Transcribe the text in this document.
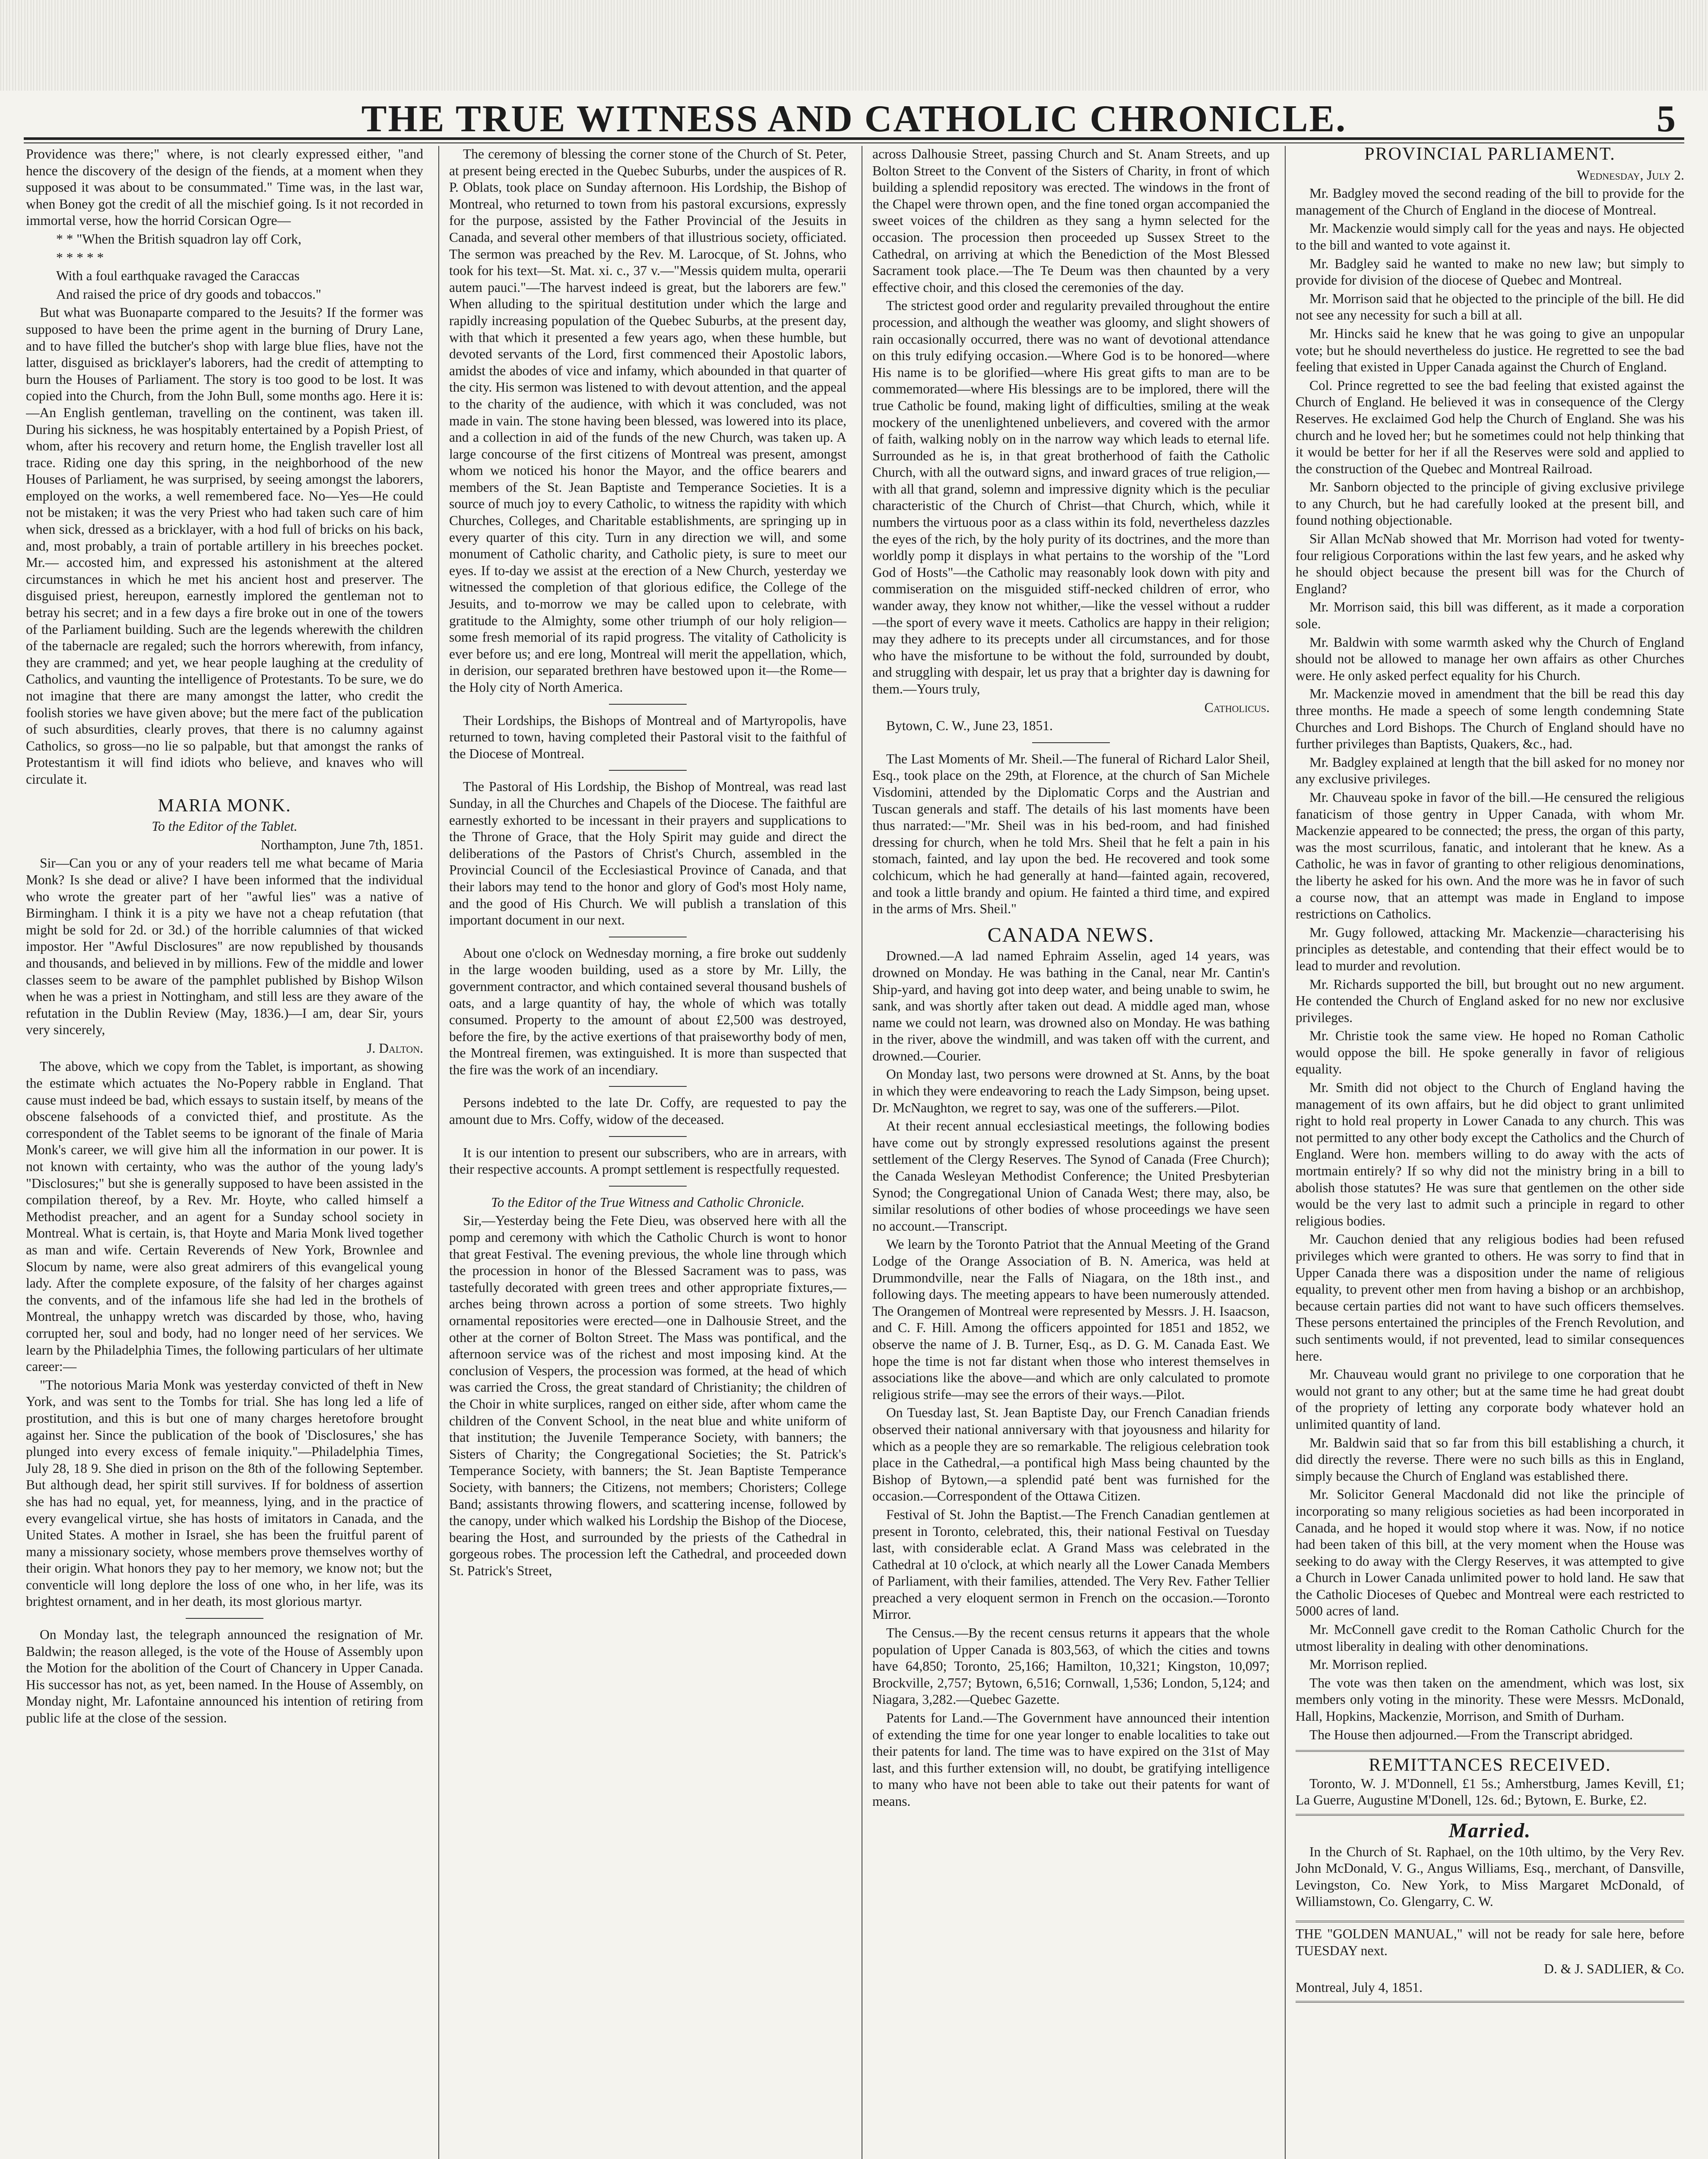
THE TRUE WITNESS AND CATHOLIC CHRONICLE.	5

Providence was there;" where, is not clearly expressed either, "and hence the discovery of the design of the fiends, at a moment when they supposed it was about to be consummated." Time was, in the last war, when Boney got the credit of all the mischief going. Is it not recorded in immortal verse, how the horrid Corsican Ogre—

* * "When the British squadron lay off Cork,

* * * * *

With a foul earthquake ravaged the Caraccas

And raised the price of dry goods and tobaccos."

But what was Buonaparte compared to the Jesuits? If the former was supposed to have been the prime agent in the burning of Drury Lane, and to have filled the butcher's shop with large blue flies, have not the latter, disguised as bricklayer's laborers, had the credit of attempting to burn the Houses of Parliament. The story is too good to be lost. It was copied into the Church, from the John Bull, some months ago. Here it is:—An English gentleman, travelling on the continent, was taken ill. During his sickness, he was hospitably entertained by a Popish Priest, of whom, after his recovery and return home, the English traveller lost all trace. Riding one day this spring, in the neighborhood of the new Houses of Parliament, he was surprised, by seeing amongst the laborers, employed on the works, a well remembered face. No—Yes—He could not be mistaken; it was the very Priest who had taken such care of him when sick, dressed as a bricklayer, with a hod full of bricks on his back, and, most probably, a train of portable artillery in his breeches pocket. Mr.— accosted him, and expressed his astonishment at the altered circumstances in which he met his ancient host and preserver. The disguised priest, hereupon, earnestly implored the gentleman not to betray his secret; and in a few days a fire broke out in one of the towers of the Parliament building. Such are the legends wherewith the children of the tabernacle are regaled; such the horrors wherewith, from infancy, they are crammed; and yet, we hear people laughing at the credulity of Catholics, and vaunting the intelligence of Protestants. To be sure, we do not imagine that there are many amongst the latter, who credit the foolish stories we have given above; but the mere fact of the publication of such absurdities, clearly proves, that there is no calumny against Catholics, so gross—no lie so palpable, but that amongst the ranks of Protestantism it will find idiots who believe, and knaves who will circulate it.

MARIA MONK.

To the Editor of the Tablet.

Northampton, June 7th, 1851.

Sir—Can you or any of your readers tell me what became of Maria Monk? Is she dead or alive? I have been informed that the individual who wrote the greater part of her "awful lies" was a native of Birmingham. I think it is a pity we have not a cheap refutation (that might be sold for 2d. or 3d.) of the horrible calumnies of that wicked impostor. Her "Awful Disclosures" are now republished by thousands and thousands, and believed in by millions. Few of the middle and lower classes seem to be aware of the pamphlet published by Bishop Wilson when he was a priest in Nottingham, and still less are they aware of the refutation in the Dublin Review (May, 1836.)—I am, dear Sir, yours very sincerely,

J. Dalton.

The above, which we copy from the Tablet, is important, as showing the estimate which actuates the No-Popery rabble in England. That cause must indeed be bad, which essays to sustain itself, by means of the obscene falsehoods of a convicted thief, and prostitute. As the correspondent of the Tablet seems to be ignorant of the finale of Maria Monk's career, we will give him all the information in our power. It is not known with certainty, who was the author of the young lady's "Disclosures;" but she is generally supposed to have been assisted in the compilation thereof, by a Rev. Mr. Hoyte, who called himself a Methodist preacher, and an agent for a Sunday school society in Montreal. What is certain, is, that Hoyte and Maria Monk lived together as man and wife. Certain Reverends of New York, Brownlee and Slocum by name, were also great admirers of this evangelical young lady. After the complete exposure, of the falsity of her charges against the convents, and of the infamous life she had led in the brothels of Montreal, the unhappy wretch was discarded by those, who, having corrupted her, soul and body, had no longer need of her services. We learn by the Philadelphia Times, the following particulars of her ultimate career:—

"The notorious Maria Monk was yesterday convicted of theft in New York, and was sent to the Tombs for trial. She has long led a life of prostitution, and this is but one of many charges heretofore brought against her. Since the publication of the book of 'Disclosures,' she has plunged into every excess of female iniquity."—Philadelphia Times, July 28, 18 9. She died in prison on the 8th of the following September. But although dead, her spirit still survives. If for boldness of assertion she has had no equal, yet, for meanness, lying, and in the practice of every evangelical virtue, she has hosts of imitators in Canada, and the United States. A mother in Israel, she has been the fruitful parent of many a missionary society, whose members prove themselves worthy of their origin. What honors they pay to her memory, we know not; but the conventicle will long deplore the loss of one who, in her life, was its brightest ornament, and in her death, its most glorious martyr.

On Monday last, the telegraph announced the resignation of Mr. Baldwin; the reason alleged, is the vote of the House of Assembly upon the Motion for the abolition of the Court of Chancery in Upper Canada. His successor has not, as yet, been named. In the House of Assembly, on Monday night, Mr. Lafontaine announced his intention of retiring from public life at the close of the session.

The ceremony of blessing the corner stone of the Church of St. Peter, at present being erected in the Quebec Suburbs, under the auspices of R. P. Oblats, took place on Sunday afternoon. His Lordship, the Bishop of Montreal, who returned to town from his pastoral excursions, expressly for the purpose, assisted by the Father Provincial of the Jesuits in Canada, and several other members of that illustrious society, officiated. The sermon was preached by the Rev. M. Larocque, of St. Johns, who took for his text—St. Mat. xi. c., 37 v.—"Messis quidem multa, operarii autem pauci."—The harvest indeed is great, but the laborers are few." When alluding to the spiritual destitution under which the large and rapidly increasing population of the Quebec Suburbs, at the present day, with that which it presented a few years ago, when these humble, but devoted servants of the Lord, first commenced their Apostolic labors, amidst the abodes of vice and infamy, which abounded in that quarter of the city. His sermon was listened to with devout attention, and the appeal to the charity of the audience, with which it was concluded, was not made in vain. The stone having been blessed, was lowered into its place, and a collection in aid of the funds of the new Church, was taken up. A large concourse of the first citizens of Montreal was present, amongst whom we noticed his honor the Mayor, and the office bearers and members of the St. Jean Baptiste and Temperance Societies. It is a source of much joy to every Catholic, to witness the rapidity with which Churches, Colleges, and Charitable establishments, are springing up in every quarter of this city. Turn in any direction we will, and some monument of Catholic charity, and Catholic piety, is sure to meet our eyes. If to-day we assist at the erection of a New Church, yesterday we witnessed the completion of that glorious edifice, the College of the Jesuits, and to-morrow we may be called upon to celebrate, with gratitude to the Almighty, some other triumph of our holy religion—some fresh memorial of its rapid progress. The vitality of Catholicity is ever before us; and ere long, Montreal will merit the appellation, which, in derision, our separated brethren have bestowed upon it—the Rome—the Holy city of North America.

Their Lordships, the Bishops of Montreal and of Martyropolis, have returned to town, having completed their Pastoral visit to the faithful of the Diocese of Montreal.

The Pastoral of His Lordship, the Bishop of Montreal, was read last Sunday, in all the Churches and Chapels of the Diocese. The faithful are earnestly exhorted to be incessant in their prayers and supplications to the Throne of Grace, that the Holy Spirit may guide and direct the deliberations of the Pastors of Christ's Church, assembled in the Provincial Council of the Ecclesiastical Province of Canada, and that their labors may tend to the honor and glory of God's most Holy name, and the good of His Church. We will publish a translation of this important document in our next.

About one o'clock on Wednesday morning, a fire broke out suddenly in the large wooden building, used as a store by Mr. Lilly, the government contractor, and which contained several thousand bushels of oats, and a large quantity of hay, the whole of which was totally consumed. Property to the amount of about £2,500 was destroyed, before the fire, by the active exertions of that praiseworthy body of men, the Montreal firemen, was extinguished. It is more than suspected that the fire was the work of an incendiary.

Persons indebted to the late Dr. Coffy, are requested to pay the amount due to Mrs. Coffy, widow of the deceased.

It is our intention to present our subscribers, who are in arrears, with their respective accounts. A prompt settlement is respectfully requested.

To the Editor of the True Witness and Catholic Chronicle.

Sir,—Yesterday being the Fete Dieu, was observed here with all the pomp and ceremony with which the Catholic Church is wont to honor that great Festival. The evening previous, the whole line through which the procession in honor of the Blessed Sacrament was to pass, was tastefully decorated with green trees and other appropriate fixtures,—arches being thrown across a portion of some streets. Two highly ornamental repositories were erected—one in Dalhousie Street, and the other at the corner of Bolton Street. The Mass was pontifical, and the afternoon service was of the richest and most imposing kind. At the conclusion of Vespers, the procession was formed, at the head of which was carried the Cross, the great standard of Christianity; the children of the Choir in white surplices, ranged on either side, after whom came the children of the Convent School, in the neat blue and white uniform of that institution; the Juvenile Temperance Society, with banners; the Sisters of Charity; the Congregational Societies; the St. Patrick's Temperance Society, with banners; the St. Jean Baptiste Temperance Society, with banners; the Citizens, not members; Choristers; College Band; assistants throwing flowers, and scattering incense, followed by the canopy, under which walked his Lordship the Bishop of the Diocese, bearing the Host, and surrounded by the priests of the Cathedral in gorgeous robes. The procession left the Cathedral, and proceeded down St. Patrick's Street,

across Dalhousie Street, passing Church and St. Anam Streets, and up Bolton Street to the Convent of the Sisters of Charity, in front of which building a splendid repository was erected. The windows in the front of the Chapel were thrown open, and the fine toned organ accompanied the sweet voices of the children as they sang a hymn selected for the occasion. The procession then proceeded up Sussex Street to the Cathedral, on arriving at which the Benediction of the Most Blessed Sacrament took place.—The Te Deum was then chaunted by a very effective choir, and this closed the ceremonies of the day.

The strictest good order and regularity prevailed throughout the entire procession, and although the weather was gloomy, and slight showers of rain occasionally occurred, there was no want of devotional attendance on this truly edifying occasion.—Where God is to be honored—where His name is to be glorified—where His great gifts to man are to be commemorated—where His blessings are to be implored, there will the true Catholic be found, making light of difficulties, smiling at the weak mockery of the unenlightened unbelievers, and covered with the armor of faith, walking nobly on in the narrow way which leads to eternal life. Surrounded as he is, in that great brotherhood of faith the Catholic Church, with all the outward signs, and inward graces of true religion,—with all that grand, solemn and impressive dignity which is the peculiar characteristic of the Church of Christ—that Church, which, while it numbers the virtuous poor as a class within its fold, nevertheless dazzles the eyes of the rich, by the holy purity of its doctrines, and the more than worldly pomp it displays in what pertains to the worship of the "Lord God of Hosts"—the Catholic may reasonably look down with pity and commiseration on the misguided stiff-necked children of error, who wander away, they know not whither,—like the vessel without a rudder—the sport of every wave it meets. Catholics are happy in their religion; may they adhere to its precepts under all circumstances, and for those who have the misfortune to be without the fold, surrounded by doubt, and struggling with despair, let us pray that a brighter day is dawning for them.—Yours truly,

Catholicus.

Bytown, C. W., June 23, 1851.

The Last Moments of Mr. Sheil.—The funeral of Richard Lalor Sheil, Esq., took place on the 29th, at Florence, at the church of San Michele Visdomini, attended by the Diplomatic Corps and the Austrian and Tuscan generals and staff. The details of his last moments have been thus narrated:—"Mr. Sheil was in his bed-room, and had finished dressing for church, when he told Mrs. Sheil that he felt a pain in his stomach, fainted, and lay upon the bed. He recovered and took some colchicum, which he had generally at hand—fainted again, recovered, and took a little brandy and opium. He fainted a third time, and expired in the arms of Mrs. Sheil."

CANADA NEWS.

Drowned.—A lad named Ephraim Asselin, aged 14 years, was drowned on Monday. He was bathing in the Canal, near Mr. Cantin's Ship-yard, and having got into deep water, and being unable to swim, he sank, and was shortly after taken out dead. A middle aged man, whose name we could not learn, was drowned also on Monday. He was bathing in the river, above the windmill, and was taken off with the current, and drowned.—Courier.

On Monday last, two persons were drowned at St. Anns, by the boat in which they were endeavoring to reach the Lady Simpson, being upset. Dr. McNaughton, we regret to say, was one of the sufferers.—Pilot.

At their recent annual ecclesiastical meetings, the following bodies have come out by strongly expressed resolutions against the present settlement of the Clergy Reserves. The Synod of Canada (Free Church); the Canada Wesleyan Methodist Conference; the United Presbyterian Synod; the Congregational Union of Canada West; there may, also, be similar resolutions of other bodies of whose proceedings we have seen no account.—Transcript.

We learn by the Toronto Patriot that the Annual Meeting of the Grand Lodge of the Orange Association of B. N. America, was held at Drummondville, near the Falls of Niagara, on the 18th inst., and following days. The meeting appears to have been numerously attended. The Orangemen of Montreal were represented by Messrs. J. H. Isaacson, and C. F. Hill. Among the officers appointed for 1851 and 1852, we observe the name of J. B. Turner, Esq., as D. G. M. Canada East. We hope the time is not far distant when those who interest themselves in associations like the above—and which are only calculated to promote religious strife—may see the errors of their ways.—Pilot.

On Tuesday last, St. Jean Baptiste Day, our French Canadian friends observed their national anniversary with that joyousness and hilarity for which as a people they are so remarkable. The religious celebration took place in the Cathedral,—a pontifical high Mass being chaunted by the Bishop of Bytown,—a splendid paté bent was furnished for the occasion.—Correspondent of the Ottawa Citizen.

Festival of St. John the Baptist.—The French Canadian gentlemen at present in Toronto, celebrated, this, their national Festival on Tuesday last, with considerable eclat. A Grand Mass was celebrated in the Cathedral at 10 o'clock, at which nearly all the Lower Canada Members of Parliament, with their families, attended. The Very Rev. Father Tellier preached a very eloquent sermon in French on the occasion.—Toronto Mirror.

The Census.—By the recent census returns it appears that the whole population of Upper Canada is 803,563, of which the cities and towns have 64,850; Toronto, 25,166; Hamilton, 10,321; Kingston, 10,097; Brockville, 2,757; Bytown, 6,516; Cornwall, 1,536; London, 5,124; and Niagara, 3,282.—Quebec Gazette.

Patents for Land.—The Government have announced their intention of extending the time for one year longer to enable localities to take out their patents for land. The time was to have expired on the 31st of May last, and this further extension will, no doubt, be gratifying intelligence to many who have not been able to take out their patents for want of means.

PROVINCIAL PARLIAMENT.

Wednesday, July 2.

Mr. Badgley moved the second reading of the bill to provide for the management of the Church of England in the diocese of Montreal.

Mr. Mackenzie would simply call for the yeas and nays. He objected to the bill and wanted to vote against it.

Mr. Badgley said he wanted to make no new law; but simply to provide for division of the diocese of Quebec and Montreal.

Mr. Morrison said that he objected to the principle of the bill. He did not see any necessity for such a bill at all.

Mr. Hincks said he knew that he was going to give an unpopular vote; but he should nevertheless do justice. He regretted to see the bad feeling that existed in Upper Canada against the Church of England.

Col. Prince regretted to see the bad feeling that existed against the Church of England. He believed it was in consequence of the Clergy Reserves. He exclaimed God help the Church of England. She was his church and he loved her; but he sometimes could not help thinking that it would be better for her if all the Reserves were sold and applied to the construction of the Quebec and Montreal Railroad.

Mr. Sanborn objected to the principle of giving exclusive privilege to any Church, but he had carefully looked at the present bill, and found nothing objectionable.

Sir Allan McNab showed that Mr. Morrison had voted for twenty-four religious Corporations within the last few years, and he asked why he should object because the present bill was for the Church of England?

Mr. Morrison said, this bill was different, as it made a corporation sole.

Mr. Baldwin with some warmth asked why the Church of England should not be allowed to manage her own affairs as other Churches were. He only asked perfect equality for his Church.

Mr. Mackenzie moved in amendment that the bill be read this day three months. He made a speech of some length condemning State Churches and Lord Bishops. The Church of England should have no further privileges than Baptists, Quakers, &c., had.

Mr. Badgley explained at length that the bill asked for no money nor any exclusive privileges.

Mr. Chauveau spoke in favor of the bill.—He censured the religious fanaticism of those gentry in Upper Canada, with whom Mr. Mackenzie appeared to be connected; the press, the organ of this party, was the most scurrilous, fanatic, and intolerant that he knew. As a Catholic, he was in favor of granting to other religious denominations, the liberty he asked for his own. And the more was he in favor of such a course now, that an attempt was made in England to impose restrictions on Catholics.

Mr. Gugy followed, attacking Mr. Mackenzie—characterising his principles as detestable, and contending that their effect would be to lead to murder and revolution.

Mr. Richards supported the bill, but brought out no new argument. He contended the Church of England asked for no new nor exclusive privileges.

Mr. Christie took the same view. He hoped no Roman Catholic would oppose the bill. He spoke generally in favor of religious equality.

Mr. Smith did not object to the Church of England having the management of its own affairs, but he did object to grant unlimited right to hold real property in Lower Canada to any church. This was not permitted to any other body except the Catholics and the Church of England. Were hon. members willing to do away with the acts of mortmain entirely? If so why did not the ministry bring in a bill to abolish those statutes? He was sure that gentlemen on the other side would be the very last to admit such a principle in regard to other religious bodies.

Mr. Cauchon denied that any religious bodies had been refused privileges which were granted to others. He was sorry to find that in Upper Canada there was a disposition under the name of religious equality, to prevent other men from having a bishop or an archbishop, because certain parties did not want to have such officers themselves. These persons entertained the principles of the French Revolution, and such sentiments would, if not prevented, lead to similar consequences here.

Mr. Chauveau would grant no privilege to one corporation that he would not grant to any other; but at the same time he had great doubt of the propriety of letting any corporate body whatever hold an unlimited quantity of land.

Mr. Baldwin said that so far from this bill establishing a church, it did directly the reverse. There were no such bills as this in England, simply because the Church of England was established there.

Mr. Solicitor General Macdonald did not like the principle of incorporating so many religious societies as had been incorporated in Canada, and he hoped it would stop where it was. Now, if no notice had been taken of this bill, at the very moment when the House was seeking to do away with the Clergy Reserves, it was attempted to give a Church in Lower Canada unlimited power to hold land. He saw that the Catholic Dioceses of Quebec and Montreal were each restricted to 5000 acres of land.

Mr. McConnell gave credit to the Roman Catholic Church for the utmost liberality in dealing with other denominations.

Mr. Morrison replied.

The vote was then taken on the amendment, which was lost, six members only voting in the minority. These were Messrs. McDonald, Hall, Hopkins, Mackenzie, Morrison, and Smith of Durham.

The House then adjourned.—From the Transcript abridged.

REMITTANCES RECEIVED.

Toronto, W. J. M'Donnell, £1 5s.; Amherstburg, James Kevill, £1; La Guerre, Augustine M'Donell, 12s. 6d.; Bytown, E. Burke, £2.

Married.

In the Church of St. Raphael, on the 10th ultimo, by the Very Rev. John McDonald, V. G., Angus Williams, Esq., merchant, of Dansville, Levingston, Co. New York, to Miss Margaret McDonald, of Williamstown, Co. Glengarry, C. W.

THE "GOLDEN MANUAL," will not be ready for sale here, before TUESDAY next.

D. & J. SADLIER, & Co.

Montreal, July 4, 1851.
